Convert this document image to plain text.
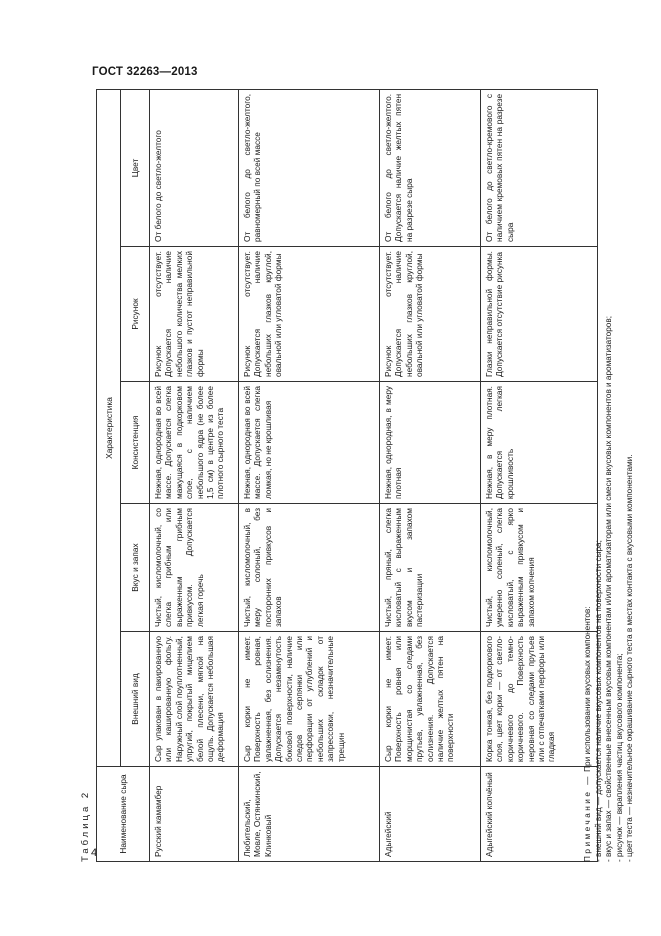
ГОСТ 32263—2013
4
Таблица 2	Наименование сыра	Характеристика				
	Внешний вид	Вкус и запах	Консистенция	Рисунок	Цвет
Русский камамбер	Сыр упакован в пакированную или кашированную фольгу. Наружный слой поуплотненный, упругий, покрытый мицелием белой плесени, мягкой на ощупь. Допускается небольшая деформация	Чистый, кисломолочный, со слегка грибным или выраженным грибным привкусом. Допускается легкая горечь	Нежная, однородная во всей массе. Допускается слегка мажущаяся в подкорковом слое, с наличием небольшого ядра (не более 1,5 см) в центре из более плотного сырного теста	Рисунок отсутствует. Допускается наличие небольшого количества мелких глазков и пустот неправильной формы	От белого до светло-желтого
Любительский, Мовле, Остянкинский, Клинковый	Сыр корки не имеет. Поверхность ровная, увлажненная, без ослизнения. Допускается незамкнутость боковой поверхности, наличие следов серпянки или перфорации от углублений и небольших складок от запрессовки, незначительные трещин	Чистый, кисломолочный, в меру солоный, без посторонних привкусов и запахов	Нежная, однородная во всей массе. Допускается слегка ломкая, но не крошливая	Рисунок отсутствует. Допускается наличие небольших глазков круглой, овальной или угловатой формы	От белого до светло-желтого, равномерный по всей массе
Адыгейский	Сыр корки не имеет. Поверхность ровная или морщинистая со следами прутьев, увлажненная, без ослизнения. Допускается наличие желтых пятен на поверхности	Чистый, пряный, слегка кисловатый с выраженным вкусом и запахом пастеризации	Нежная, однородная, в меру плотная	Рисунок отсутствует. Допускается наличие небольших глазков круглой, овальной или угловатой формы	От белого до светло-желтого. Допускается наличие желтых пятен на разрезе сыра
Адыгейский копчёный	Корка тонкая, без подкоркового слоя, цвет корки — от светло-коричневого до темно-коричневого. Поверхность неровная со следами прутьев или с отпечатками перфоры или гладкая	Чистый, кисломолочный, умеренно соленый, слегка кисловатый, с ярко выраженным привкусом и запахом копчения	Нежная, в меру плотная. Допускается легкая крошливость	Глазки неправильной формы. Допускается отсутствие рисунка	От белого до светло-кремового с наличием кремовых пятен на разрезе сыра
Примечание — При использовании вкусовых компонентов: - внешний вид — допускается наличие вкусовых компонентов на поверхности сыра; - вкус и запах — свойственные внесенным вкусовым компонентам и/или ароматизаторам или смеси вкусовых компонентов и ароматизаторов; - рисунок — вкрапления частиц вкусового компонента; - цвет теста — незначительное окрашивание сырного теста в местах контакта с вкусовыми компонентами.
